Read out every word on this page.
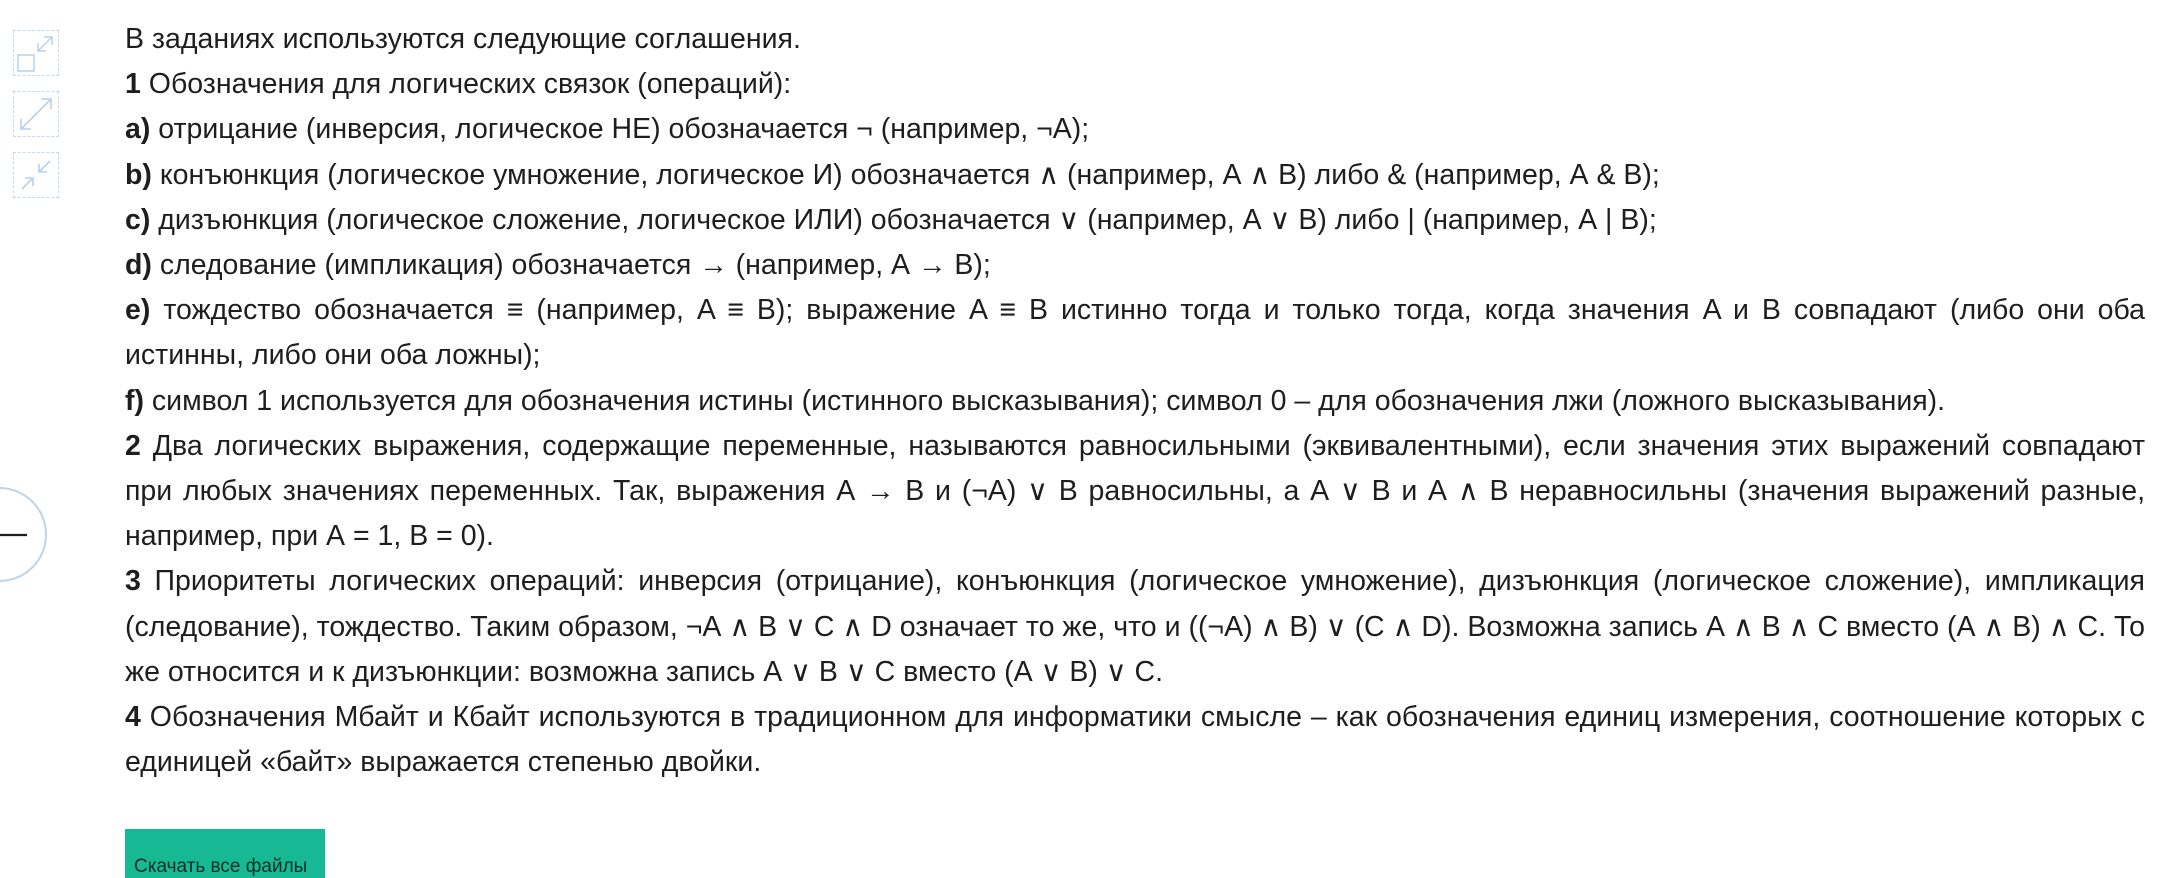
В заданиях используются следующие соглашения.

1 Обозначения для логических связок (операций):

a) отрицание (инверсия, логическое НЕ) обозначается ¬ (например, ¬А);

b) конъюнкция (логическое умножение, логическое И) обозначается ∧ (например, А ∧ В) либо & (например, А & В);

c) дизъюнкция (логическое сложение, логическое ИЛИ) обозначается ∨ (например, А ∨ В) либо | (например, А | В);

d) следование (импликация) обозначается → (например, А → В);

e) тождество обозначается ≡ (например, A ≡ B); выражение A ≡ B истинно тогда и только тогда, когда значения A и B совпадают (либо они оба истинны, либо они оба ложны);

f) символ 1 используется для обозначения истины (истинного высказывания); символ 0 – для обозначения лжи (ложного высказывания).

2 Два логических выражения, содержащие переменные, называются равносильными (эквивалентными), если значения этих выражений совпадают при любых значениях переменных. Так, выражения А → В и (¬А) ∨ В равносильны, а А ∨ В и А ∧ В неравносильны (значения выражений разные, например, при А = 1, В = 0).

3 Приоритеты логических операций: инверсия (отрицание), конъюнкция (логическое умножение), дизъюнкция (логическое сложение), импликация (следование), тождество. Таким образом, ¬А ∧ В ∨ С ∧ D означает то же, что и ((¬А) ∧ В) ∨ (С ∧ D). Возможна запись А ∧ В ∧ С вместо (А ∧ В) ∧ С. То же относится и к дизъюнкции: возможна запись А ∨ В ∨ С вместо (А ∨ В) ∨ С.

4 Обозначения Мбайт и Кбайт используются в традиционном для информатики смысле – как обозначения единиц измерения, соотношение которых с единицей «байт» выражается степенью двойки.

Скачать все файлы
